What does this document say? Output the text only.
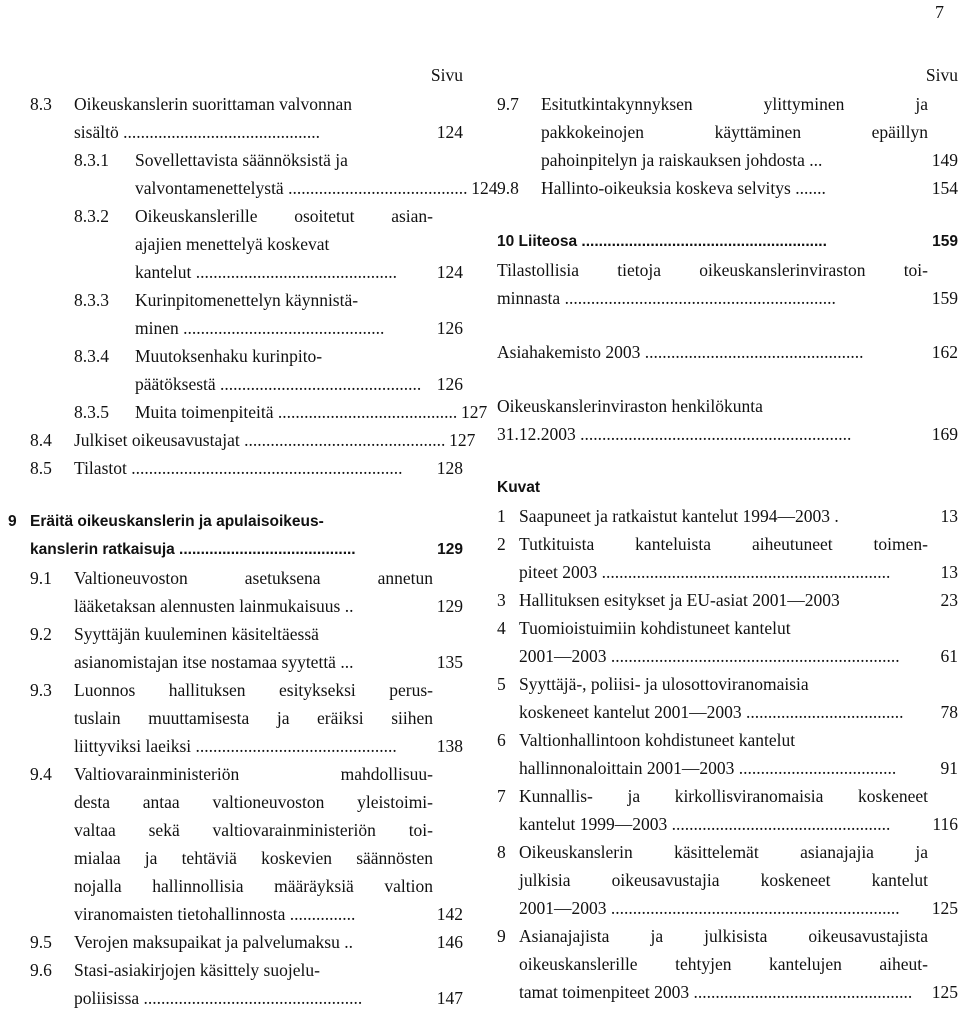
7
Sivu
8.3	Oikeuskanslerin suorittaman valvonnan
sisältö .............................................	124
8.3.1	Sovellettavista säännöksistä ja
valvontamenettelystä ......................................... 124
8.3.2	Oikeuskanslerille osoitetut asian-
ajajien menettelyä koskevat
kantelut ..............................................	124
8.3.3	Kurinpitomenettelyn käynnistä-
minen ..............................................	126
8.3.4	Muutoksenhaku kurinpito-
päätöksestä .............................................. 126
8.3.5	Muita toimenpiteitä ......................................... 127
8.4	Julkiset oikeusavustajat .............................................. 127
8.5	Tilastot ..............................................................	128
9 Eräitä oikeuskanslerin ja apulaisoikeus-
kanslerin ratkaisuja .........................................	129
9.1	Valtioneuvoston asetuksena annetun
lääketaksan alennusten lainmukaisuus ..	129
9.2	Syyttäjän kuuleminen käsiteltäessä
asianomistajan itse nostamaa syytettä ...	135
9.3	Luonnos hallituksen esitykseksi perus-
tuslain muuttamisesta ja eräiksi siihen
liittyviksi laeiksi ..............................................	138
9.4	Valtiovarainministeriön mahdollisuu-
desta antaa valtioneuvoston yleistoimi-
valtaa sekä valtiovarainministeriön toi-
mialaa ja tehtäviä koskevien säännösten
nojalla hallinnollisia määräyksiä valtion
viranomaisten tietohallinnosta ...............	142
9.5	Verojen maksupaikat ja palvelumaksu ..	146
9.6	Stasi-asiakirjojen käsittely suojelu-
poliisissa ..................................................	147
Sivu
9.7	Esitutkintakynnyksen ylittyminen ja
pakkokeinojen käyttäminen epäillyn
pahoinpitelyn ja raiskauksen johdosta ...	149
9.8	Hallinto-oikeuksia koskeva selvitys .......	154
10 Liiteosa .........................................................	159
Tilastollisia tietoja oikeuskanslerinviraston toi-
minnasta ..............................................................	159
Asiahakemisto 2003 ..................................................	162
Oikeuskanslerinviraston henkilökunta
31.12.2003 ..............................................................	169
Kuvat
1 Saapuneet ja ratkaistut kantelut 1994—2003 .	13
2 Tutkituista kanteluista aiheutuneet toimen-
piteet 2003 ..................................................................	13
3 Hallituksen esitykset ja EU-asiat 2001—2003	23
4 Tuomioistuimiin kohdistuneet kantelut
2001—2003 ..................................................................	61
5 Syyttäjä-, poliisi- ja ulosottoviranomaisia
koskeneet kantelut 2001—2003 ....................................	78
6 Valtionhallintoon kohdistuneet kantelut
hallinnonaloittain 2001—2003 ....................................	91
7 Kunnallis- ja kirkollisviranomaisia koskeneet
kantelut 1999—2003 ..................................................	116
8 Oikeuskanslerin käsittelemät asianajajia ja
julkisia oikeusavustajia koskeneet kantelut
2001—2003 ..................................................................	125
9 Asianajajista ja julkisista oikeusavustajista
oikeuskanslerille tehtyjen kantelujen aiheut-
tamat toimenpiteet 2003 ..................................................	125
